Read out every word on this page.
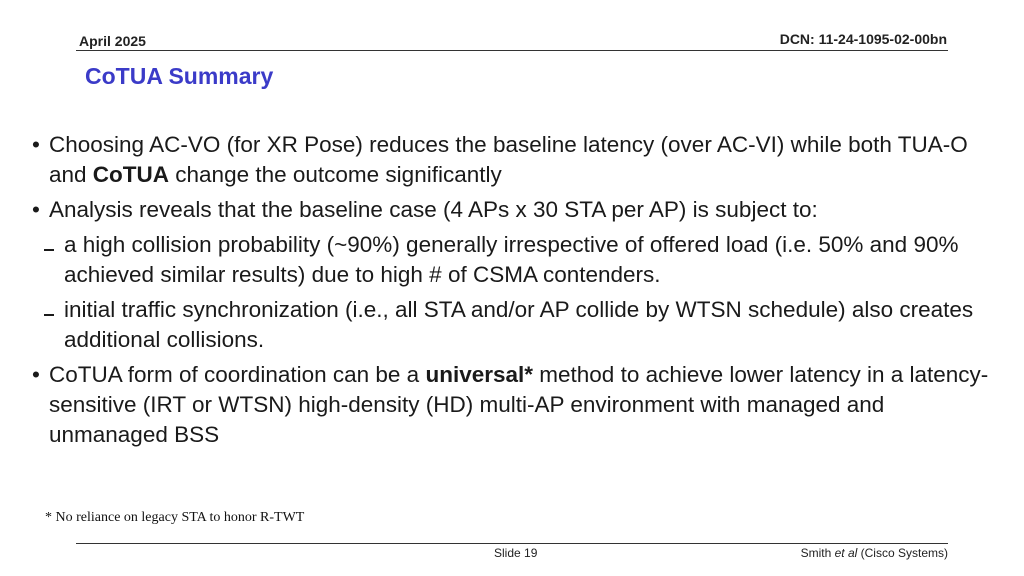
April 2025	DCN: 11-24-1095-02-00bn
CoTUA Summary
• Choosing AC-VO (for XR Pose) reduces the baseline latency (over AC-VI) while both TUA-O and CoTUA change the outcome significantly
• Analysis reveals that the baseline case (4 APs x 30 STA per AP) is subject to:
a high collision probability (~90%) generally irrespective of offered load (i.e. 50% and 90% achieved similar results) due to high # of CSMA contenders.
initial traffic synchronization (i.e., all STA and/or AP collide by WTSN schedule) also creates additional collisions.
• CoTUA form of coordination can be a universal* method to achieve lower latency in a latency-sensitive (IRT or WTSN) high-density (HD) multi-AP environment with managed and unmanaged BSS
* No reliance on legacy STA to honor R-TWT
Slide 19	Smith et al (Cisco Systems)
